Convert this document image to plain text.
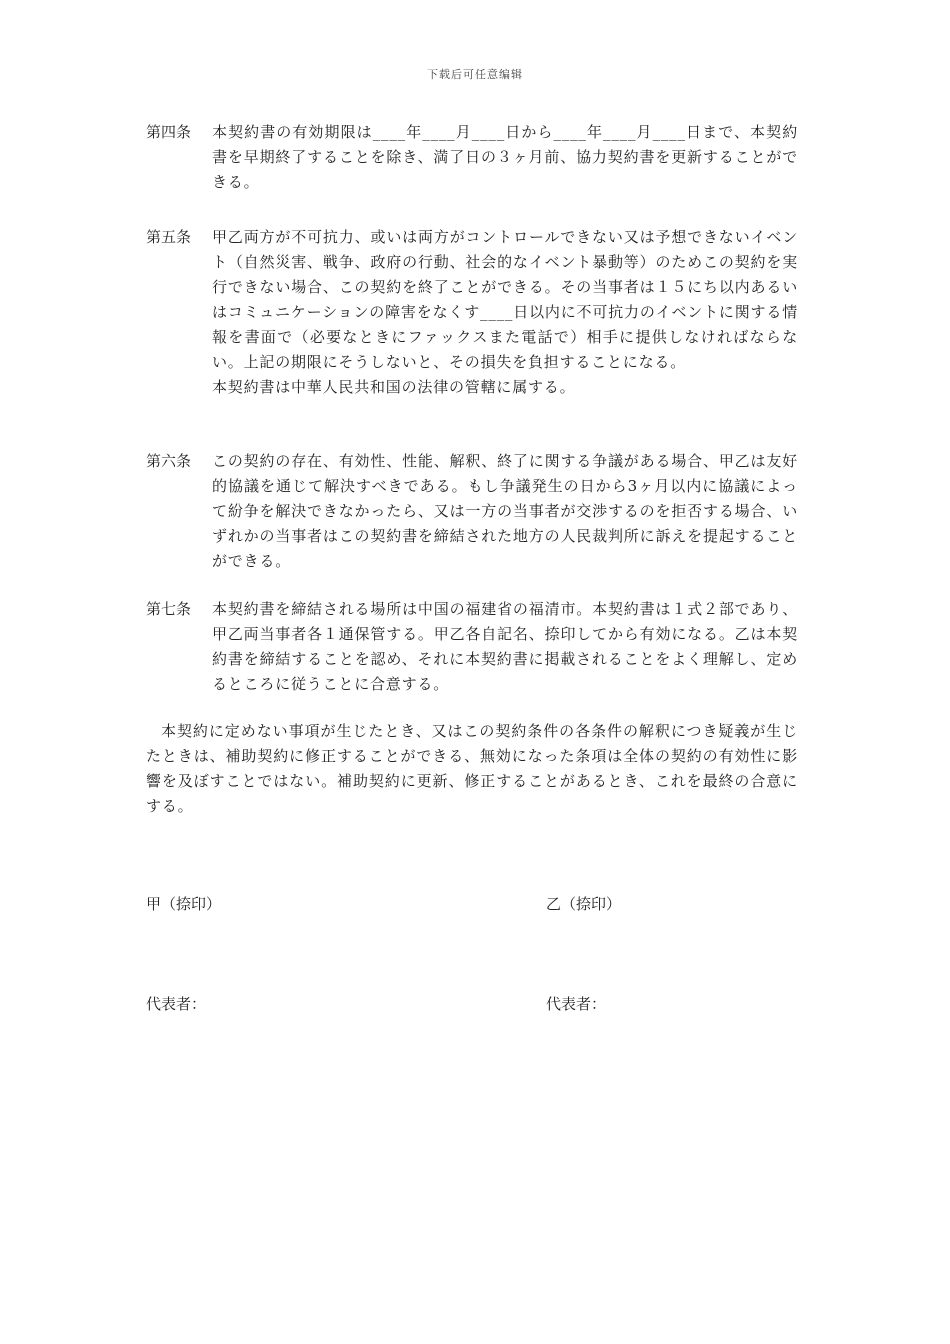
下载后可任意编辑
第四条 本契約書の有効期限は____年____月____日から____年____月____日まで、本契約書を早期終了することを除き、満了日の３ヶ月前、協力契約書を更新することができる。

第五条 甲乙両方が不可抗力、或いは両方がコントロールできない又は予想できないイベント（自然災害、戦争、政府の行動、社会的なイベント暴動等）のためこの契約を実行できない場合、この契約を終了ことができる。その当事者は１５にち以内あるいはコミュニケーションの障害をなくす____日以内に不可抗力のイベントに関する情報を書面で（必要なときにファックスまた電話で）相手に提供しなければならない。上記の期限にそうしないと、その損失を負担することになる。

本契約書は中華人民共和国の法律の管轄に属する。

第六条 この契約の存在、有効性、性能、解釈、終了に関する争議がある場合、甲乙は友好的協議を通じて解決すべきである。もし争議発生の日から3ヶ月以内に協議によって紛争を解決できなかったら、又は一方の当事者が交渉するのを拒否する場合、いずれかの当事者はこの契約書を締結された地方の人民裁判所に訴えを提起することができる。

第七条 本契約書を締結される場所は中国の福建省の福清市。本契約書は１式２部であり、甲乙両当事者各１通保管する。甲乙各自記名、捺印してから有効になる。乙は本契約書を締結することを認め、それに本契約書に掲載されることをよく理解し、定めるところに従うことに合意する。

本契約に定めない事項が生じたとき、又はこの契約条件の各条件の解釈につき疑義が生じたときは、補助契約に修正することができる、無効になった条項は全体の契約の有効性に影響を及ぼすことではない。補助契約に更新、修正することがあるとき、これを最終の合意にする。

甲（捺印）	乙（捺印）
代表者：	代表者：
